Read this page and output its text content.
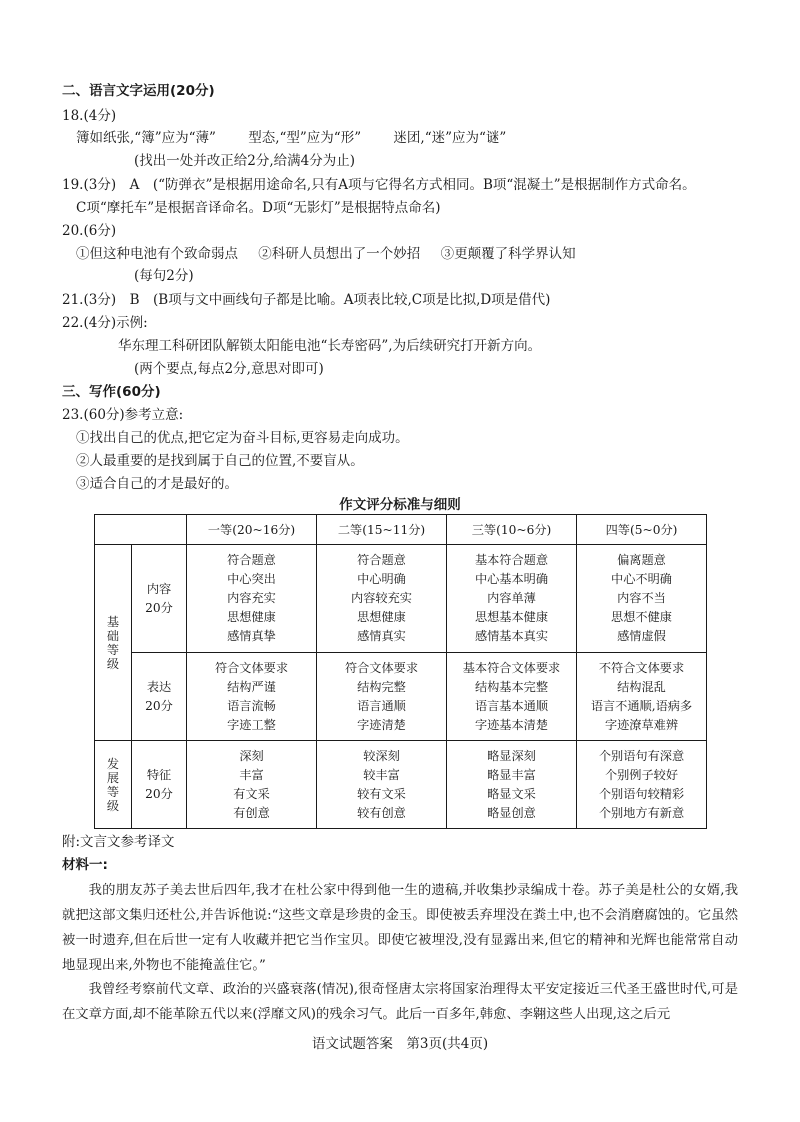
二、语言文字运用(20分)
18.(4分)
簿如纸张,“簿”应为“薄” 型态,“型”应为“形” 迷团,“迷”应为“谜”
(找出一处并改正给2分,给满4分为止)
19.(3分)　A　(“防弹衣”是根据用途命名,只有A项与它得名方式相同。B项“混凝土”是根据制作方式命名。
C项“摩托车”是根据音译命名。D项“无影灯”是根据特点命名)
20.(6分)
①但这种电池有个致命弱点 ②科研人员想出了一个妙招 ③更颠覆了科学界认知
(每句2分)
21.(3分)　B　(B项与文中画线句子都是比喻。A项表比较,C项是比拟,D项是借代)
22.(4分)示例:
华东理工科研团队解锁太阳能电池“长寿密码”,为后续研究打开新方向。
(两个要点,每点2分,意思对即可)
三、写作(60分)
23.(60分)参考立意:
①找出自己的优点,把它定为奋斗目标,更容易走向成功。
②人最重要的是找到属于自己的位置,不要盲从。
③适合自己的才是最好的。
作文评分标准与细则
		一等(20~16分)	二等(15~11分)	三等(10~6分)	四等(5~0分)

基础等级	内容
20分	符合题意
中心突出
内容充实
思想健康
感情真挚	符合题意
中心明确
内容较充实
思想健康
感情真实	基本符合题意
中心基本明确
内容单薄
思想基本健康
感情基本真实	偏离题意
中心不明确
内容不当
思想不健康
感情虚假

	表达
20分	符合文体要求
结构严谨
语言流畅
字迹工整	符合文体要求
结构完整
语言通顺
字迹清楚	基本符合文体要求
结构基本完整
语言基本通顺
字迹基本清楚	不符合文体要求
结构混乱
语言不通顺,语病多
字迹潦草难辨

发展等级	特征
20分	深刻
丰富
有文采
有创意	较深刻
较丰富
较有文采
较有创意	略显深刻
略显丰富
略显文采
略显创意	个别语句有深意
个别例子较好
个别语句较精彩
个别地方有新意
附:文言文参考译文
材料一:
我的朋友苏子美去世后四年,我才在杜公家中得到他一生的遗稿,并收集抄录编成十卷。苏子美是杜公的女婿,我就把这部文集归还杜公,并告诉他说:“这些文章是珍贵的金玉。即使被丢弃埋没在粪土中,也不会消磨腐蚀的。它虽然被一时遗弃,但在后世一定有人收藏并把它当作宝贝。即使它被埋没,没有显露出来,但它的精神和光辉也能常常自动地显现出来,外物也不能掩盖住它。”
我曾经考察前代文章、政治的兴盛衰落(情况),很奇怪唐太宗将国家治理得太平安定接近三代圣王盛世时代,可是在文章方面,却不能革除五代以来(浮靡文风)的残余习气。此后一百多年,韩愈、李翱这些人出现,这之后元
语文试题答案　第3页(共4页)
